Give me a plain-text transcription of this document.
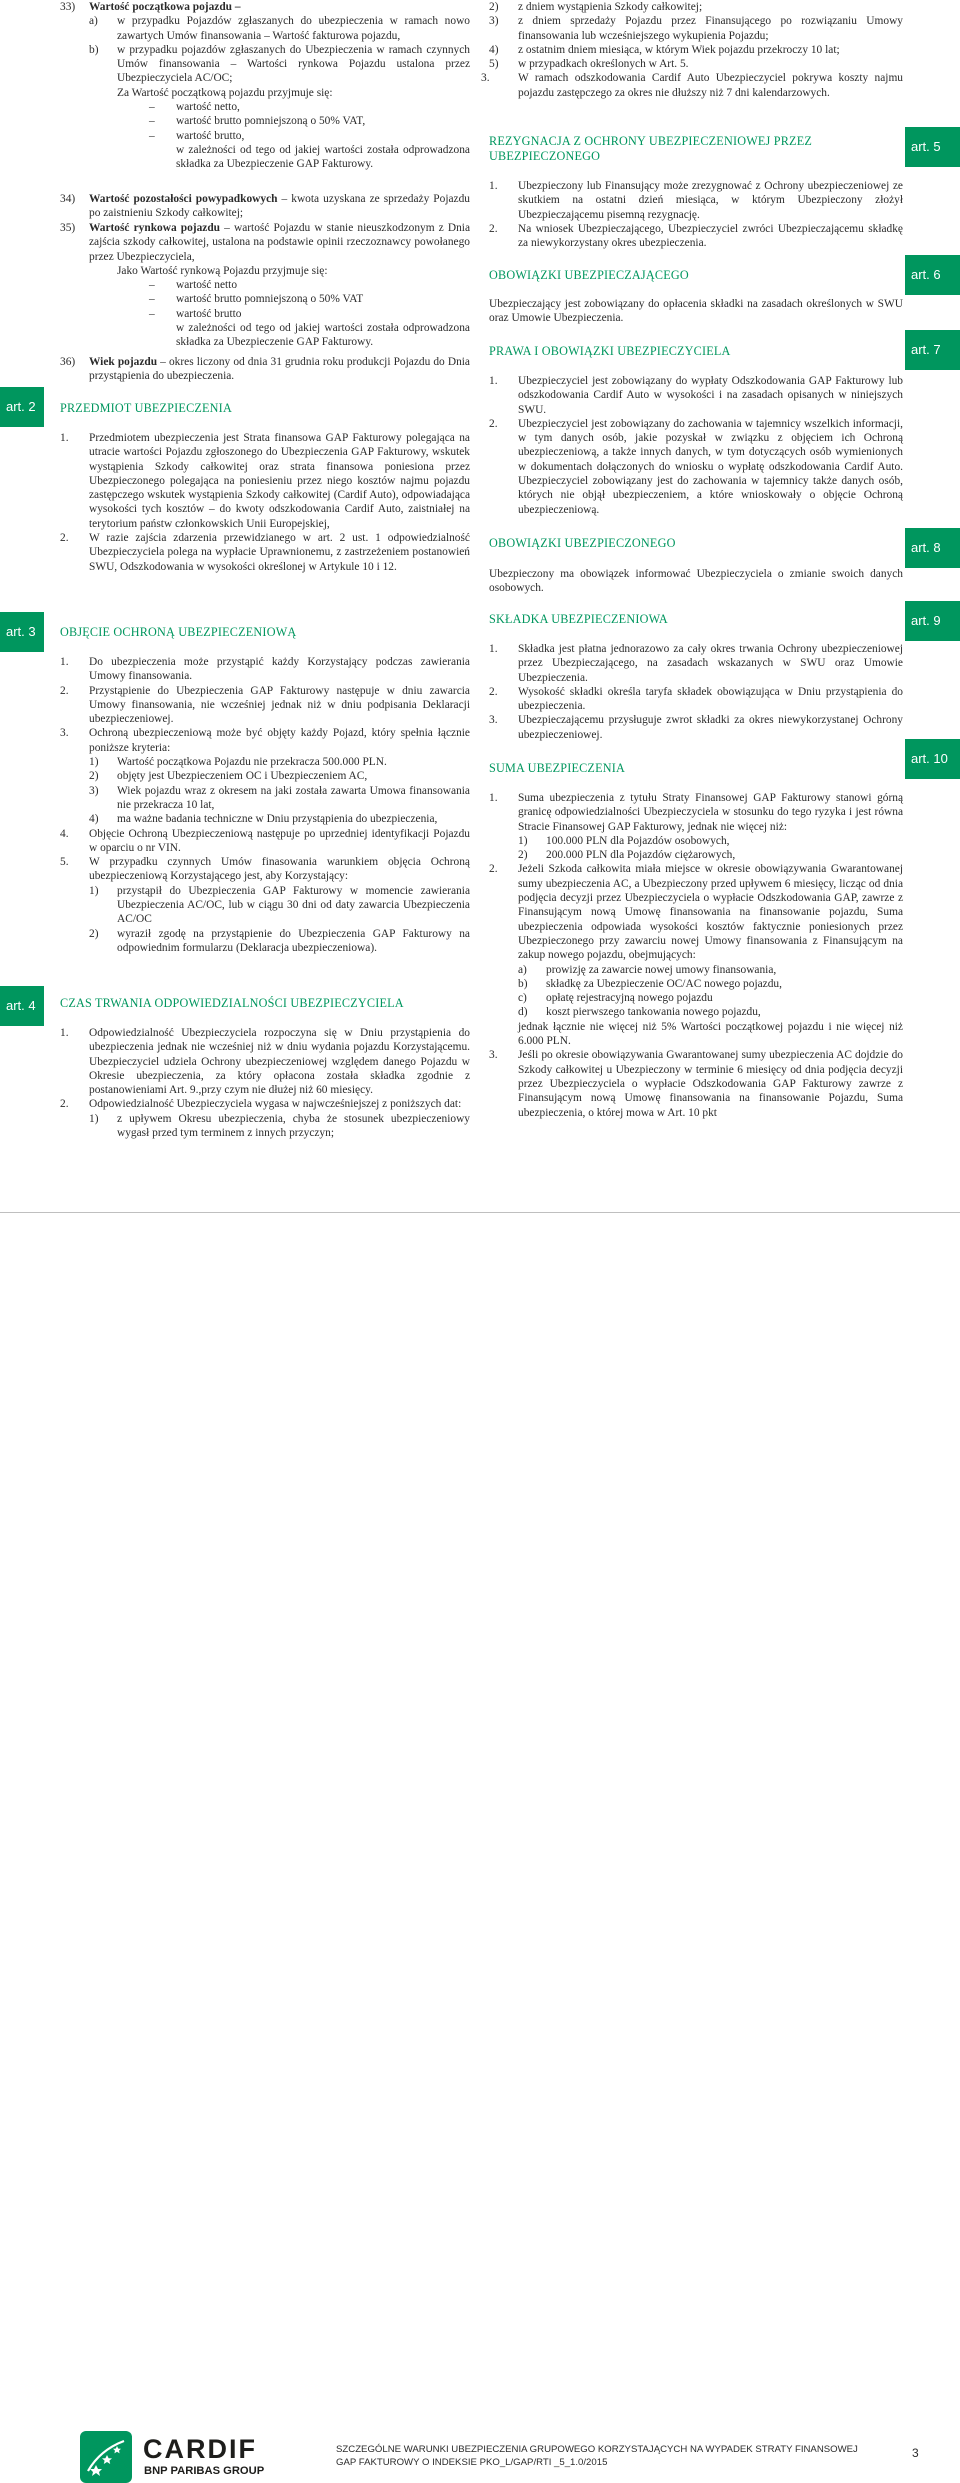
art. 2
art. 3
art. 4
art. 5
art. 6
art. 7
art. 8
art. 9
art. 10
33) Wartość początkowa pojazdu –
a) w przypadku Pojazdów zgłaszanych do ubezpieczenia w ramach nowo zawartych Umów finansowania – Wartość fakturowa pojazdu,
b) w przypadku pojazdów zgłaszanych do Ubezpieczenia w ramach czynnych Umów finansowania – Wartości rynkowa Pojazdu ustalona przez Ubezpieczyciela AC/OC;
Za Wartość początkową pojazdu przyjmuje się:
– wartość netto,
– wartość brutto pomniejszoną o 50% VAT,
– wartość brutto,
w zależności od tego od jakiej wartości została odprowadzona składka za Ubezpieczenie GAP Fakturowy.
34) Wartość pozostałości powypadkowych – kwota uzyskana ze sprzedaży Pojazdu po zaistnieniu Szkody całkowitej;
35) Wartość rynkowa pojazdu – wartość Pojazdu w stanie nieuszkodzonym z Dnia zajścia szkody całkowitej, ustalona na podstawie opinii rzeczoznawcy powołanego przez Ubezpieczyciela,
Jako Wartość rynkową Pojazdu przyjmuje się:
– wartość netto
– wartość brutto pomniejszoną o 50% VAT
– wartość brutto
w zależności od tego od jakiej wartości została odprowadzona składka za Ubezpieczenie GAP Fakturowy.
36) Wiek pojazdu – okres liczony od dnia 31 grudnia roku produkcji Pojazdu do Dnia przystąpienia do ubezpieczenia.
PRZEDMIOT UBEZPIECZENIA
1. Przedmiotem ubezpieczenia jest Strata finansowa GAP Fakturowy polegająca na utracie wartości Pojazdu zgłoszonego do Ubezpieczenia GAP Fakturowy, wskutek wystąpienia Szkody całkowitej oraz strata finansowa poniesiona przez Ubezpieczonego polegająca na poniesieniu przez niego kosztów najmu pojazdu zastępczego wskutek wystąpienia Szkody całkowitej (Cardif Auto), odpowiadająca wysokości tych kosztów – do kwoty odszkodowania Cardif Auto, zaistniałej na terytorium państw członkowskich Unii Europejskiej,
2. W razie zajścia zdarzenia przewidzianego w art. 2 ust. 1 odpowiedzialność Ubezpieczyciela polega na wypłacie Uprawnionemu, z zastrzeżeniem postanowień SWU, Odszkodowania w wysokości określonej w Artykule 10 i 12.
OBJĘCIE OCHRONĄ UBEZPIECZENIOWĄ
1. Do ubezpieczenia może przystąpić każdy Korzystający podczas zawierania Umowy finansowania.
2. Przystąpienie do Ubezpieczenia GAP Fakturowy następuje w dniu zawarcia Umowy finansowania, nie wcześniej jednak niż w dniu podpisania Deklaracji ubezpieczeniowej.
3. Ochroną ubezpieczeniową może być objęty każdy Pojazd, który spełnia łącznie poniższe kryteria:
1) Wartość początkowa Pojazdu nie przekracza 500.000 PLN.
2) objęty jest Ubezpieczeniem OC i Ubezpieczeniem AC,
3) Wiek pojazdu wraz z okresem na jaki została zawarta Umowa finansowania nie przekracza 10 lat,
4) ma ważne badania techniczne w Dniu przystąpienia do ubezpieczenia,
4. Objęcie Ochroną Ubezpieczeniową następuje po uprzedniej identyfikacji Pojazdu w oparciu o nr VIN.
5. W przypadku czynnych Umów finasowania warunkiem objęcia Ochroną ubezpieczeniową Korzystającego jest, aby Korzystający:
1) przystąpił do Ubezpieczenia GAP Fakturowy w momencie zawierania Ubezpieczenia AC/OC, lub w ciągu 30 dni od daty zawarcia Ubezpieczenia AC/OC
2) wyraził zgodę na przystąpienie do Ubezpieczenia GAP Fakturowy na odpowiednim formularzu (Deklaracja ubezpieczeniowa).
CZAS TRWANIA ODPOWIEDZIALNOŚCI UBEZPIECZYCIELA
1. Odpowiedzialność Ubezpieczyciela rozpoczyna się w Dniu przystąpienia do ubezpieczenia jednak nie wcześniej niż w dniu wydania pojazdu Korzystającemu. Ubezpieczyciel udziela Ochrony ubezpieczeniowej względem danego Pojazdu w Okresie ubezpieczenia, za który opłacona została składka zgodnie z postanowieniami Art. 9.,przy czym nie dłużej niż 60 miesięcy.
2. Odpowiedzialność Ubezpieczyciela wygasa w najwcześniejszej z poniższych dat:
1) z upływem Okresu ubezpieczenia, chyba że stosunek ubezpieczeniowy wygasł przed tym terminem z innych przyczyn;
2) z dniem wystąpienia Szkody całkowitej;
3) z dniem sprzedaży Pojazdu przez Finansującego po rozwiązaniu Umowy finansowania lub wcześniejszego wykupienia Pojazdu;
4) z ostatnim dniem miesiąca, w którym Wiek pojazdu przekroczy 10 lat;
5) w przypadkach określonych w Art. 5.
3. W ramach odszkodowania Cardif Auto Ubezpieczyciel pokrywa koszty najmu pojazdu zastępczego za okres nie dłuższy niż 7 dni kalendarzowych.
REZYGNACJA Z OCHRONY UBEZPIECZENIOWEJ PRZEZ UBEZPIECZONEGO
1. Ubezpieczony lub Finansujący może zrezygnować z Ochrony ubezpieczeniowej ze skutkiem na ostatni dzień miesiąca, w którym Ubezpieczony złożył Ubezpieczającemu pisemną rezygnację.
2. Na wniosek Ubezpieczającego, Ubezpieczyciel zwróci Ubezpieczającemu składkę za niewykorzystany okres ubezpieczenia.
OBOWIĄZKI UBEZPIECZAJĄCEGO
Ubezpieczający jest zobowiązany do opłacenia składki na zasadach określonych w SWU oraz Umowie Ubezpieczenia.
PRAWA I OBOWIĄZKI UBEZPIECZYCIELA
1. Ubezpieczyciel jest zobowiązany do wypłaty Odszkodowania GAP Fakturowy lub odszkodowania Cardif Auto w wysokości i na zasadach opisanych w niniejszych SWU.
2. Ubezpieczyciel jest zobowiązany do zachowania w tajemnicy wszelkich informacji, w tym danych osób, jakie pozyskał w związku z objęciem ich Ochroną ubezpieczeniową, a także innych danych, w tym dotyczących osób wymienionych w dokumentach dołączonych do wniosku o wypłatę odszkodowania Cardif Auto. Ubezpieczyciel zobowiązany jest do zachowania w tajemnicy także danych osób, których nie objął ubezpieczeniem, a które wnioskowały o objęcie Ochroną ubezpieczeniową.
OBOWIĄZKI UBEZPIECZONEGO
Ubezpieczony ma obowiązek informować Ubezpieczyciela o zmianie swoich danych osobowych.
SKŁADKA UBEZPIECZENIOWA
1. Składka jest płatna jednorazowo za cały okres trwania Ochrony ubezpieczeniowej przez Ubezpieczającego, na zasadach wskazanych w SWU oraz Umowie Ubezpieczenia.
2. Wysokość składki określa taryfa składek obowiązująca w Dniu przystąpienia do ubezpieczenia.
3. Ubezpieczającemu przysługuje zwrot składki za okres niewykorzystanej Ochrony ubezpieczeniowej.
SUMA UBEZPIECZENIA
1. Suma ubezpieczenia z tytułu Straty Finansowej GAP Fakturowy stanowi górną granicę odpowiedzialności Ubezpieczyciela w stosunku do tego ryzyka i jest równa Stracie Finansowej GAP Fakturowy, jednak nie więcej niż:
1) 100.000 PLN dla Pojazdów osobowych,
2) 200.000 PLN dla Pojazdów ciężarowych,
2. Jeżeli Szkoda całkowita miała miejsce w okresie obowiązywania Gwarantowanej sumy ubezpieczenia AC, a Ubezpieczony przed upływem 6 miesięcy, licząc od dnia podjęcia decyzji przez Ubezpieczyciela o wypłacie Odszkodowania GAP, zawrze z Finansującym nową Umowę finansowania na finansowanie pojazdu, Suma ubezpieczenia odpowiada wysokości kosztów faktycznie poniesionych przez Ubezpieczonego przy zawarciu nowej Umowy finansowania z Finansującym na zakup nowego pojazdu, obejmujących:
a) prowizję za zawarcie nowej umowy finansowania,
b) składkę za Ubezpieczenie OC/AC nowego pojazdu,
c) opłatę rejestracyjną nowego pojazdu
d) koszt pierwszego tankowania nowego pojazdu,
jednak łącznie nie więcej niż 5% Wartości początkowej pojazdu i nie więcej niż 6.000 PLN.
3. Jeśli po okresie obowiązywania Gwarantowanej sumy ubezpieczenia AC dojdzie do Szkody całkowitej u Ubezpieczony w terminie 6 miesięcy od dnia podjęcia decyzji przez Ubezpieczyciela o wypłacie Odszkodowania GAP Fakturowy zawrze z Finansującym nową Umowę finansowania na finansowanie Pojazdu, Suma ubezpieczenia, o której mowa w Art. 10 pkt
CARDIF
BNP PARIBAS GROUP
SZCZEGÓLNE WARUNKI UBEZPIECZENIA GRUPOWEGO KORZYSTAJĄCYCH NA WYPADEK STRATY FINANSOWEJ
GAP FAKTUROWY O INDEKSIE PKO_L/GAP/RTI _5_1.0/2015
3
